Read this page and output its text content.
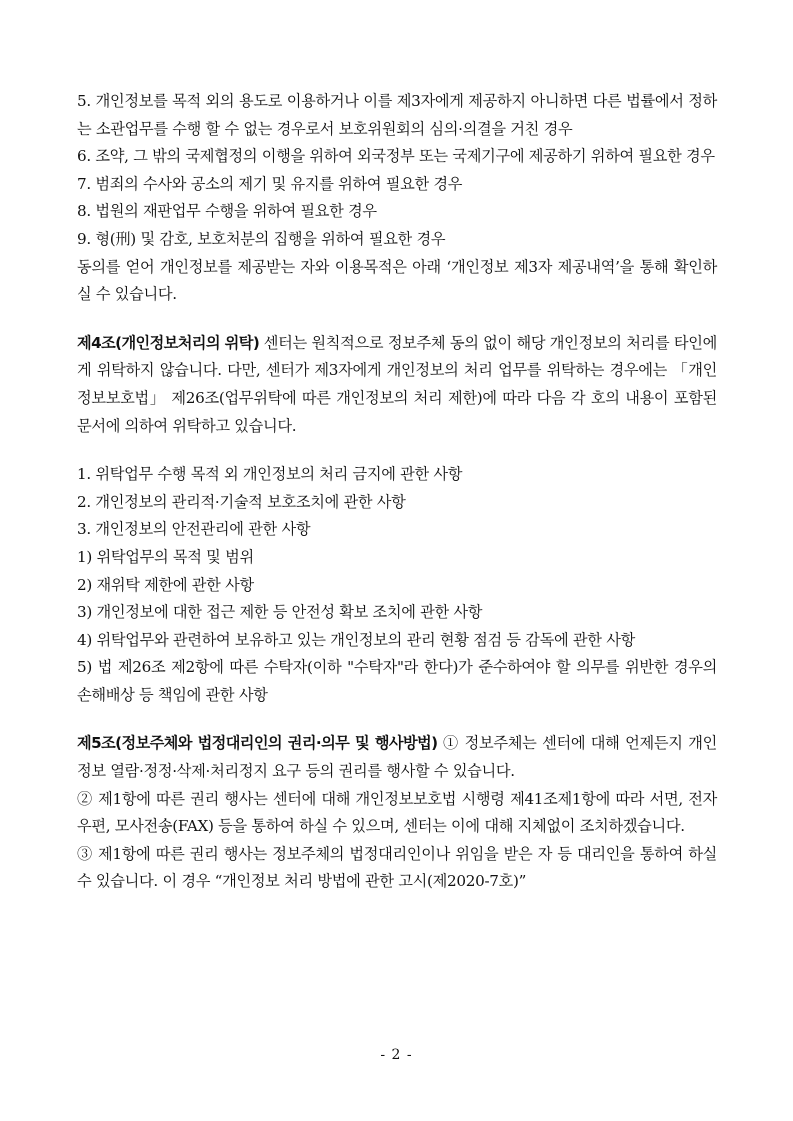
5. 개인정보를 목적 외의 용도로 이용하거나 이를 제3자에게 제공하지 아니하면 다른 법률에서 정하는 소관업무를 수행 할 수 없는 경우로서 보호위원회의 심의·의결을 거친 경우
6. 조약, 그 밖의 국제협정의 이행을 위하여 외국정부 또는 국제기구에 제공하기 위하여 필요한 경우
7. 범죄의 수사와 공소의 제기 및 유지를 위하여 필요한 경우
8. 법원의 재판업무 수행을 위하여 필요한 경우
9. 형(刑) 및 감호, 보호처분의 집행을 위하여 필요한 경우
동의를 얻어 개인정보를 제공받는 자와 이용목적은 아래 ‘개인정보 제3자 제공내역’을 통해 확인하실 수 있습니다.
제4조(개인정보처리의 위탁) 센터는 원칙적으로 정보주체 동의 없이 해당 개인정보의 처리를 타인에게 위탁하지 않습니다. 다만, 센터가 제3자에게 개인정보의 처리 업무를 위탁하는 경우에는 「개인정보보호법」 제26조(업무위탁에 따른 개인정보의 처리 제한)에 따라 다음 각 호의 내용이 포함된 문서에 의하여 위탁하고 있습니다.
1. 위탁업무 수행 목적 외 개인정보의 처리 금지에 관한 사항
2. 개인정보의 관리적·기술적 보호조치에 관한 사항
3. 개인정보의 안전관리에 관한 사항
1) 위탁업무의 목적 및 범위
2) 재위탁 제한에 관한 사항
3) 개인정보에 대한 접근 제한 등 안전성 확보 조치에 관한 사항
4) 위탁업무와 관련하여 보유하고 있는 개인정보의 관리 현황 점검 등 감독에 관한 사항
5) 법 제26조 제2항에 따른 수탁자(이하 "수탁자"라 한다)가 준수하여야 할 의무를 위반한 경우의 손해배상 등 책임에 관한 사항
제5조(정보주체와 법정대리인의 권리·의무 및 행사방법) ① 정보주체는 센터에 대해 언제든지 개인정보 열람·정정·삭제·처리정지 요구 등의 권리를 행사할 수 있습니다.
② 제1항에 따른 권리 행사는 센터에 대해 개인정보보호법 시행령 제41조제1항에 따라 서면, 전자우편, 모사전송(FAX) 등을 통하여 하실 수 있으며, 센터는 이에 대해 지체없이 조치하겠습니다.
③ 제1항에 따른 권리 행사는 정보주체의 법정대리인이나 위임을 받은 자 등 대리인을 통하여 하실 수 있습니다. 이 경우 “개인정보 처리 방법에 관한 고시(제2020-7호)”
- 2 -
